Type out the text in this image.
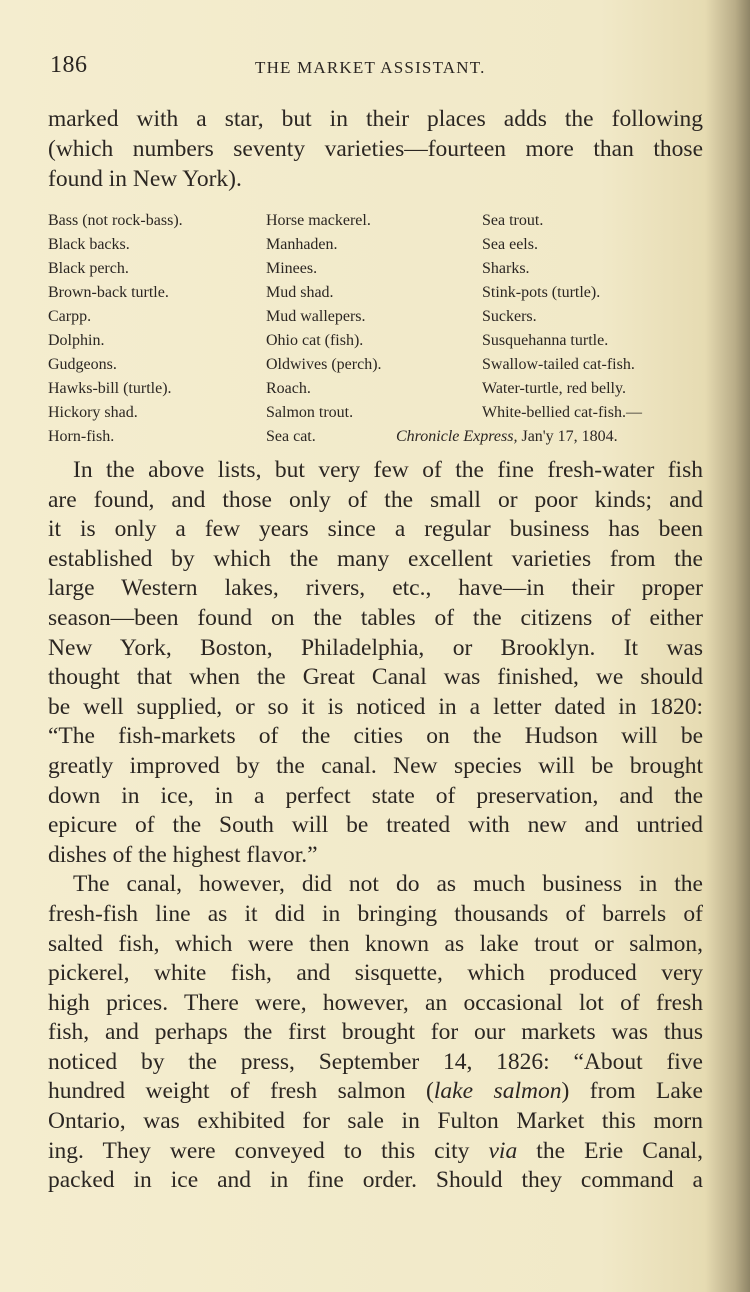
186	THE MARKET ASSISTANT.
marked with a star, but in their places adds the following
(which numbers seventy varieties—fourteen more than those
found in New York).
Bass (not rock-bass).
Black backs.
Black perch.
Brown-back turtle.
Carpp.
Dolphin.
Gudgeons.
Hawks-bill (turtle).
Hickory shad.
Horn-fish.
Horse mackerel.
Manhaden.
Minees.
Mud shad.
Mud wallepers.
Ohio cat (fish).
Oldwives (perch).
Roach.
Salmon trout.
Sea cat.
Sea trout.
Sea eels.
Sharks.
Stink-pots (turtle).
Suckers.
Susquehanna turtle.
Swallow-tailed cat-fish.
Water-turtle, red belly.
White-bellied cat-fish.—
Chronicle Express, Jan'y 17, 1804.
In the above lists, but very few of the fine fresh-water fish
are found, and those only of the small or poor kinds; and
it is only a few years since a regular business has been
established by which the many excellent varieties from the
large Western lakes, rivers, etc., have—in their proper
season—been found on the tables of the citizens of either
New York, Boston, Philadelphia, or Brooklyn. It was
thought that when the Great Canal was finished, we should
be well supplied, or so it is noticed in a letter dated in 1820:
“The fish-markets of the cities on the Hudson will be
greatly improved by the canal. New species will be brought
down in ice, in a perfect state of preservation, and the
epicure of the South will be treated with new and untried
dishes of the highest flavor.”
The canal, however, did not do as much business in the
fresh-fish line as it did in bringing thousands of barrels of
salted fish, which were then known as lake trout or salmon,
pickerel, white fish, and sisquette, which produced very
high prices. There were, however, an occasional lot of fresh
fish, and perhaps the first brought for our markets was thus
noticed by the press, September 14, 1826: “About five
hundred weight of fresh salmon (lake salmon) from Lake
Ontario, was exhibited for sale in Fulton Market this morn
ing. They were conveyed to this city via the Erie Canal,
packed in ice and in fine order. Should they command a
